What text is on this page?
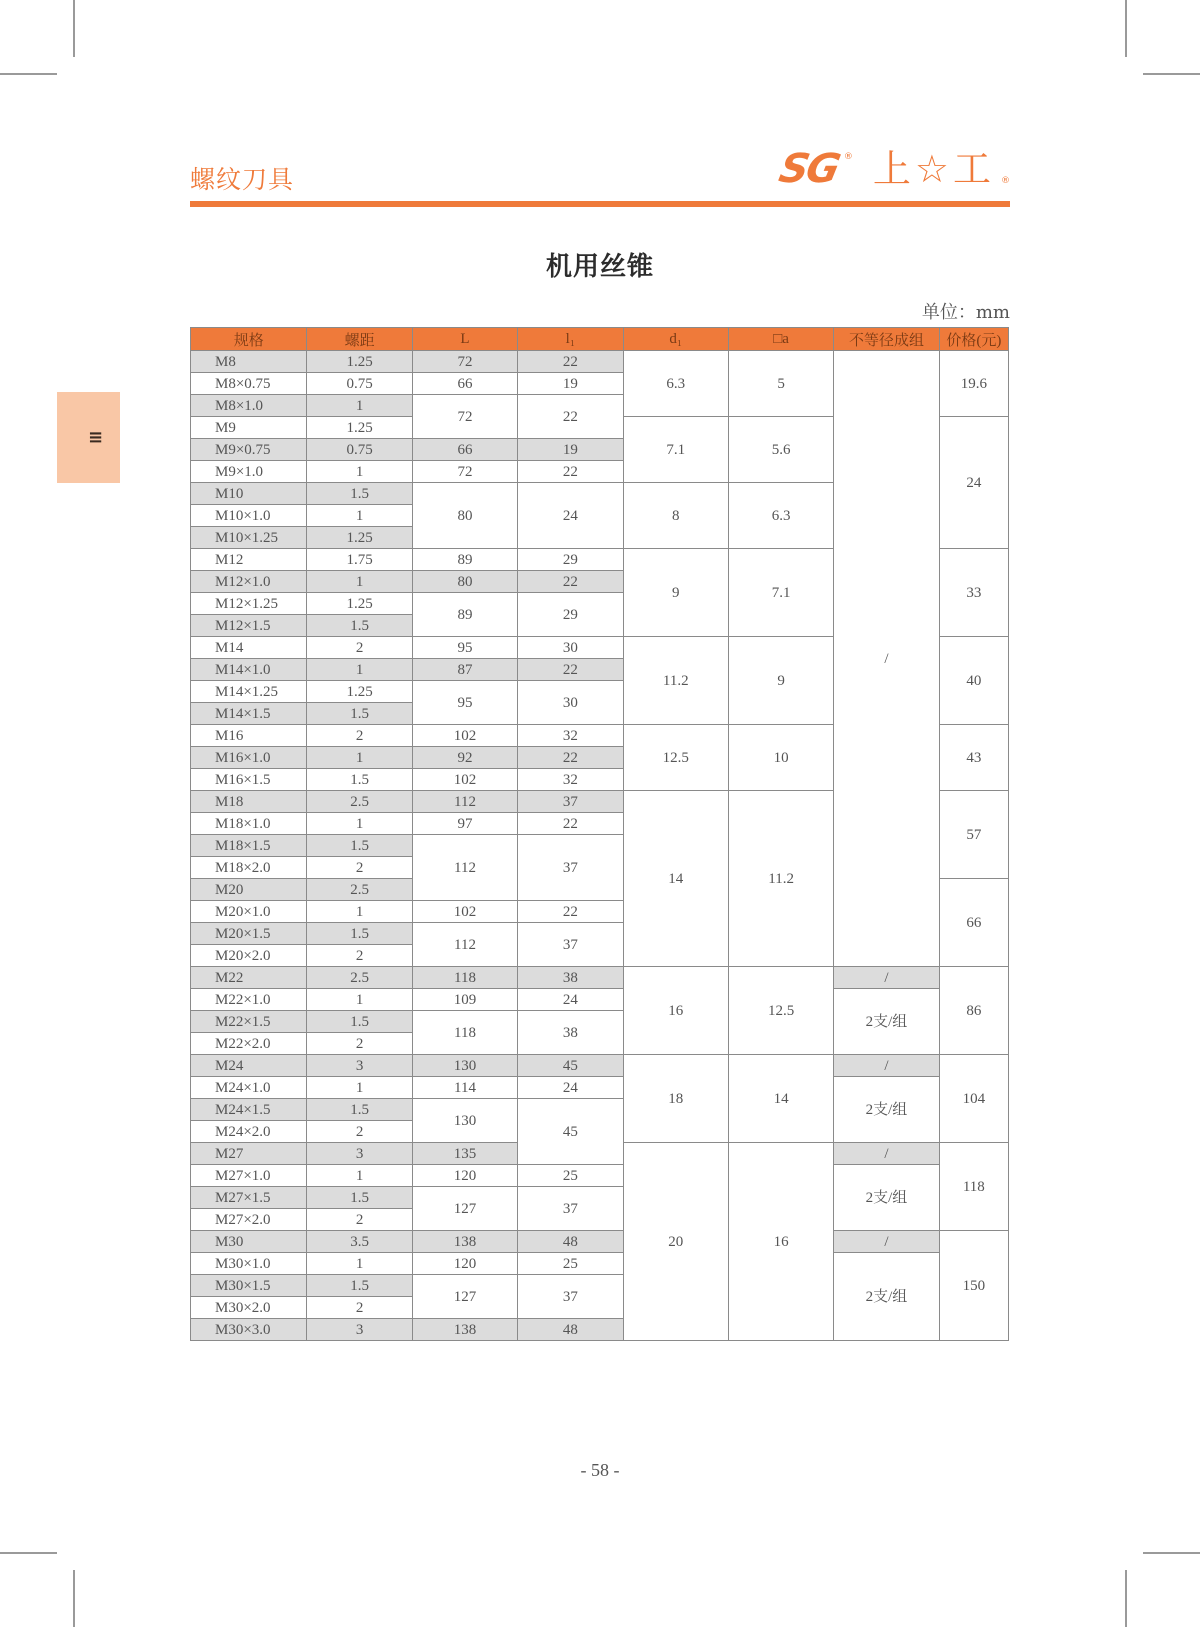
螺纹刀具	SG ® 上☆工 ®
≡
机用丝锥
单位：mm
规格	螺距	L	l₁	d₁	□a	不等径成组	价格(元)
M8	1.25	72	22	6.3	5	/	19.6
M8×0.75	0.75	66	19				
M8×1.0	1	72	22				
M9	1.25			7.1	5.6		24
M9×0.75	0.75	66	19				
M9×1.0	1	72	22				
M10	1.5	80	24	8	6.3		
M10×1.0	1						
M10×1.25	1.25						
M12	1.75	89	29	9	7.1		33
M12×1.0	1	80	22				
M12×1.25	1.25	89	29				
M12×1.5	1.5						
M14	2	95	30	11.2	9		40
M14×1.0	1	87	22				
M14×1.25	1.25	95	30				
M14×1.5	1.5						
M16	2	102	32	12.5	10		43
M16×1.0	1	92	22				
M16×1.5	1.5	102	32				
M18	2.5	112	37	14	11.2		57
M18×1.0	1	97	22				
M18×1.5	1.5	112	37				
M18×2.0	2						
M20	2.5						66
M20×1.0	1	102	22				
M20×1.5	1.5	112	37				
M20×2.0	2						
M22	2.5	118	38	16	12.5	/	86
M22×1.0	1	109	24			2支/组	
M22×1.5	1.5	118	38				
M22×2.0	2						
M24	3	130	45	18	14	/	104
M24×1.0	1	114	24			2支/组	
M24×1.5	1.5	130	45				
M24×2.0	2						
M27	3	135		20	16	/	118
M27×1.0	1	120	25			2支/组	
M27×1.5	1.5	127	37				
M27×2.0	2						
M30	3.5	138	48			/	150
M30×1.0	1	120	25			2支/组	
M30×1.5	1.5	127	37				
M30×2.0	2						
M30×3.0	3	138	48				
- 58 -
